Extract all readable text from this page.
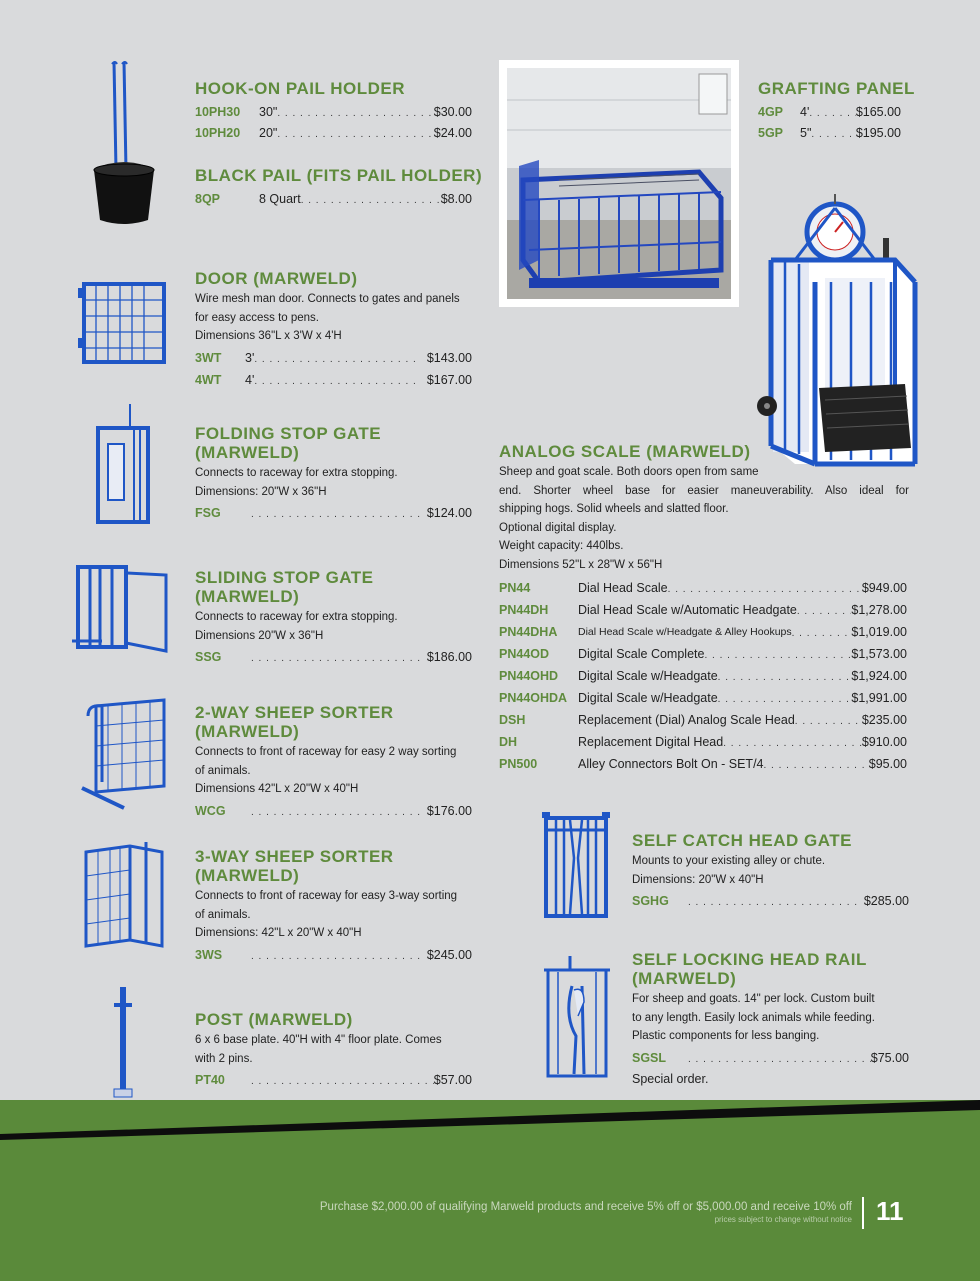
HOOK-ON PAIL HOLDER
10PH30	30" . . .	$30.00
10PH20	20" . . .	$24.00
BLACK PAIL (FITS PAIL HOLDER)
8QP	8 Quart . . .	$8.00
DOOR (MARWELD)
Wire mesh man door. Connects to gates and panels
for easy access to pens.
Dimensions 36"L x 3'W x 4'H
3WT	3' . . .	$143.00
4WT	4' . . .	$167.00
FOLDING STOP GATE
(MARWELD)
Connects to raceway for extra stopping.
Dimensions: 20"W x 36"H
FSG . . .	$124.00
SLIDING STOP GATE
(MARWELD)
Connects to raceway for extra stopping.
Dimensions 20"W x 36"H
SSG . . .	$186.00
2-WAY SHEEP SORTER
(MARWELD)
Connects to front of raceway for easy 2 way sorting
of animals.
Dimensions 42"L x 20"W x 40"H
WCG . . .	$176.00
3-WAY SHEEP SORTER
(MARWELD)
Connects to front of raceway for easy 3-way sorting
of animals.
Dimensions: 42"L x 20"W x 40"H
3WS . . .	$245.00
POST (MARWELD)
6 x 6 base plate. 40"H with 4" floor plate. Comes
with 2 pins.
PT40 . . .	$57.00
GRAFTING PANEL
4GP	4' . . .	$165.00
5GP	5" . . .	$195.00
ANALOG SCALE (MARWELD)
Sheep and goat scale. Both doors open from same
end. Shorter wheel base for easier maneuverability. Also ideal for
shipping hogs. Solid wheels and slatted floor.
Optional digital display.
Weight capacity: 440lbs.
Dimensions 52"L x 28"W x 56"H
PN44	Dial Head Scale . . .	$949.00
PN44DH	Dial Head Scale w/Automatic Headgate . . .	$1,278.00
PN44DHA	Dial Head Scale w/Headgate & Alley Hookups . . .	$1,019.00
PN44OD	Digital Scale Complete . . .	$1,573.00
PN44OHD	Digital Scale w/Headgate . . .	$1,924.00
PN44OHDA Digital Scale w/Headgate . . .	$1,991.00
DSH	Replacement (Dial) Analog Scale Head . . .	$235.00
DH	Replacement Digital Head . . .	$910.00
PN500	Alley Connectors Bolt On - SET/4 . . .	$95.00
SELF CATCH HEAD GATE
Mounts to your existing alley or chute.
Dimensions: 20"W x 40"H
SGHG . . .	$285.00
SELF LOCKING HEAD RAIL
(MARWELD)
For sheep and goats. 14" per lock. Custom built
to any length. Easily lock animals while feeding.
Plastic components for less banging.
SGSL . . .	$75.00
Special order.
Purchase $2,000.00 of qualifying Marweld products and receive 5% off or $5,000.00 and receive 10% off
prices subject to change without notice 11
